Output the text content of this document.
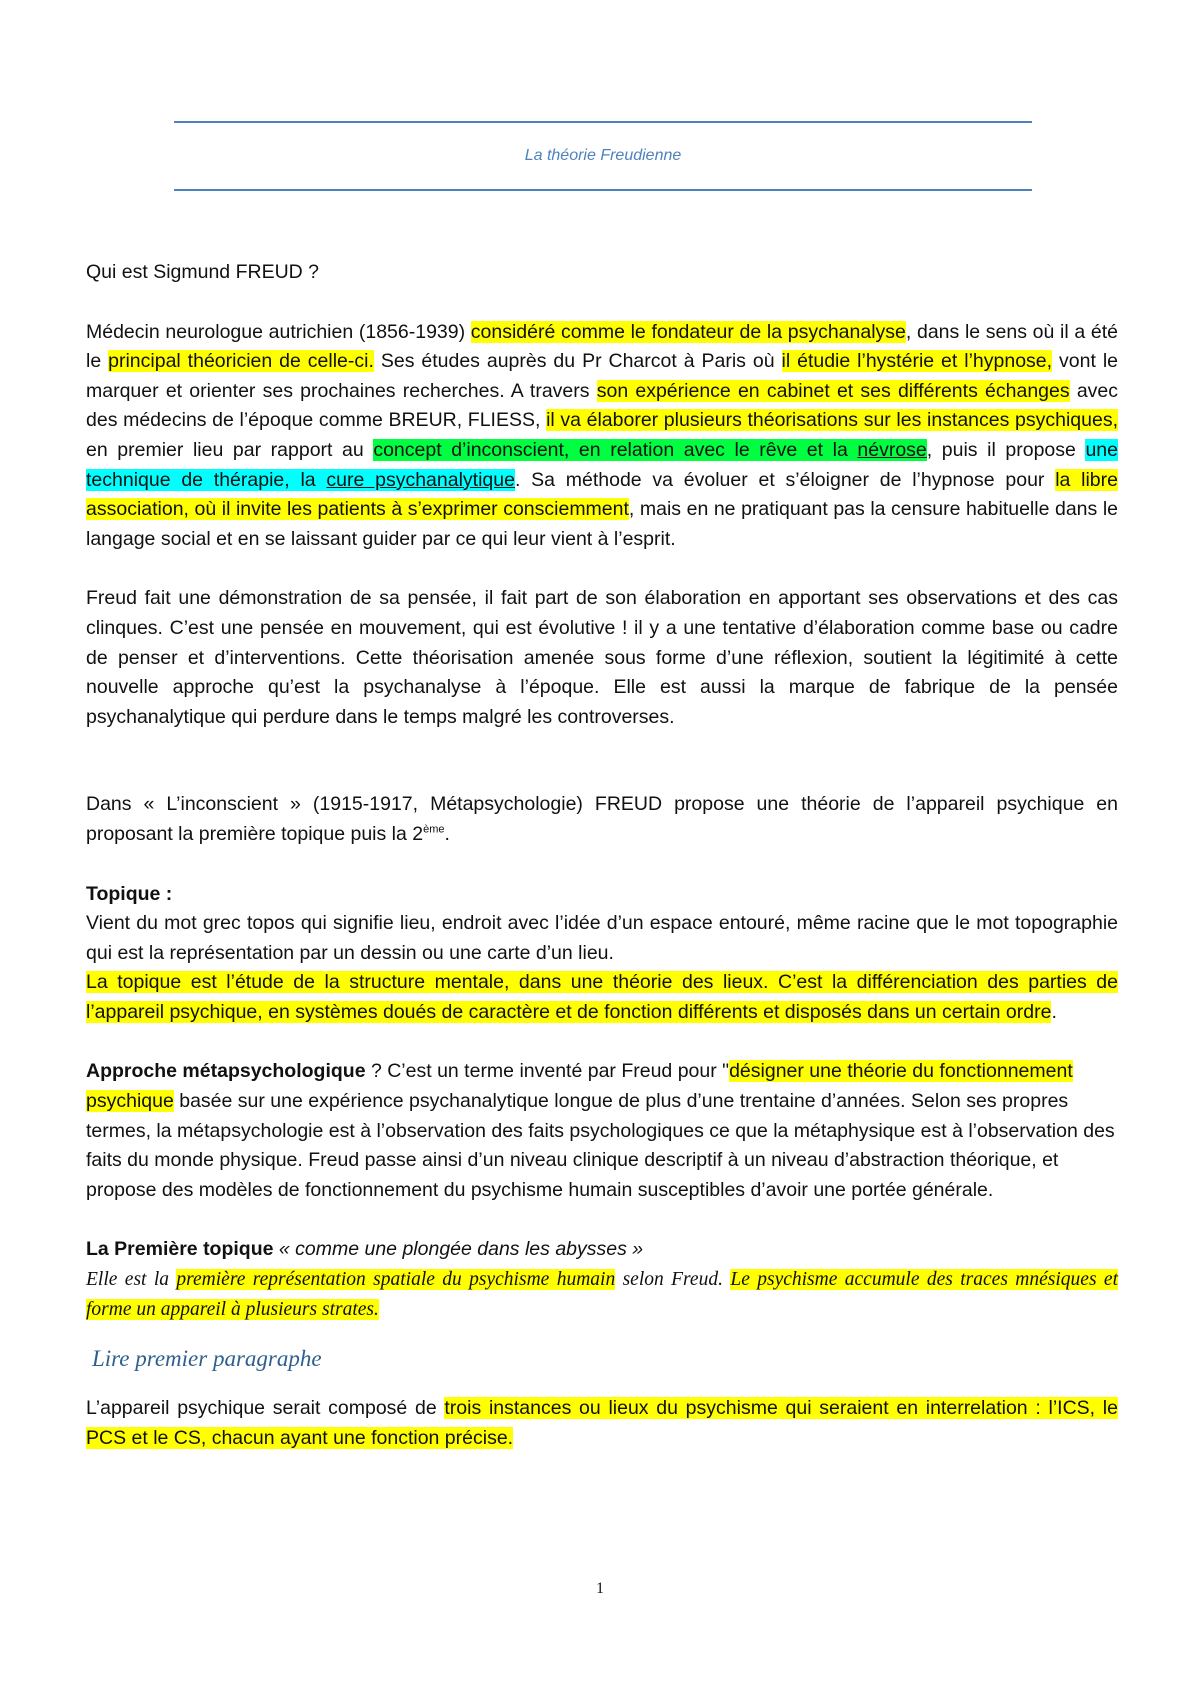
La théorie Freudienne

Qui est Sigmund FREUD ?

Médecin neurologue autrichien (1856-1939) considéré comme le fondateur de la psychanalyse, dans le sens où il a été le principal théoricien de celle-ci. Ses études auprès du Pr Charcot à Paris où il étudie l’hystérie et l’hypnose, vont le marquer et orienter ses prochaines recherches. A travers son expérience en cabinet et ses différents échanges avec des médecins de l’époque comme BREUR, FLIESS, il va élaborer plusieurs théorisations sur les instances psychiques, en premier lieu par rapport au concept d’inconscient, en relation avec le rêve et la névrose, puis il propose une technique de thérapie, la cure psychanalytique. Sa méthode va évoluer et s’éloigner de l’hypnose pour la libre association, où il invite les patients à s’exprimer consciemment, mais en ne pratiquant pas la censure habituelle dans le langage social et en se laissant guider par ce qui leur vient à l’esprit.

Freud fait une démonstration de sa pensée, il fait part de son élaboration en apportant ses observations et des cas clinques. C’est une pensée en mouvement, qui est évolutive ! il y a une tentative d’élaboration comme base ou cadre de penser et d’interventions. Cette théorisation amenée sous forme d’une réflexion, soutient la légitimité à cette nouvelle approche qu’est la psychanalyse à l’époque. Elle est aussi la marque de fabrique de la pensée psychanalytique qui perdure dans le temps malgré les controverses.

Dans « L’inconscient » (1915-1917, Métapsychologie) FREUD propose une théorie de l’appareil psychique en proposant la première topique puis la 2ème.

Topique :

Vient du mot grec topos qui signifie lieu, endroit avec l’idée d’un espace entouré, même racine que le mot topographie qui est la représentation par un dessin ou une carte d’un lieu.

La topique est l’étude de la structure mentale, dans une théorie des lieux. C’est la différenciation des parties de l’appareil psychique, en systèmes doués de caractère et de fonction différents et disposés dans un certain ordre.

Approche métapsychologique ? C’est un terme inventé par Freud pour "désigner une théorie du fonctionnement psychique basée sur une expérience psychanalytique longue de plus d’une trentaine d’années. Selon ses propres termes, la métapsychologie est à l’observation des faits psychologiques ce que la métaphysique est à l’observation des faits du monde physique. Freud passe ainsi d’un niveau clinique descriptif à un niveau d’abstraction théorique, et propose des modèles de fonctionnement du psychisme humain susceptibles d’avoir une portée générale.

La Première topique « comme une plongée dans les abysses »

Elle est la première représentation spatiale du psychisme humain selon Freud. Le psychisme accumule des traces mnésiques et forme un appareil à plusieurs strates.

Lire premier paragraphe

L’appareil psychique serait composé de trois instances ou lieux du psychisme qui seraient en interrelation : l’ICS, le PCS et le CS, chacun ayant une fonction précise.

1
